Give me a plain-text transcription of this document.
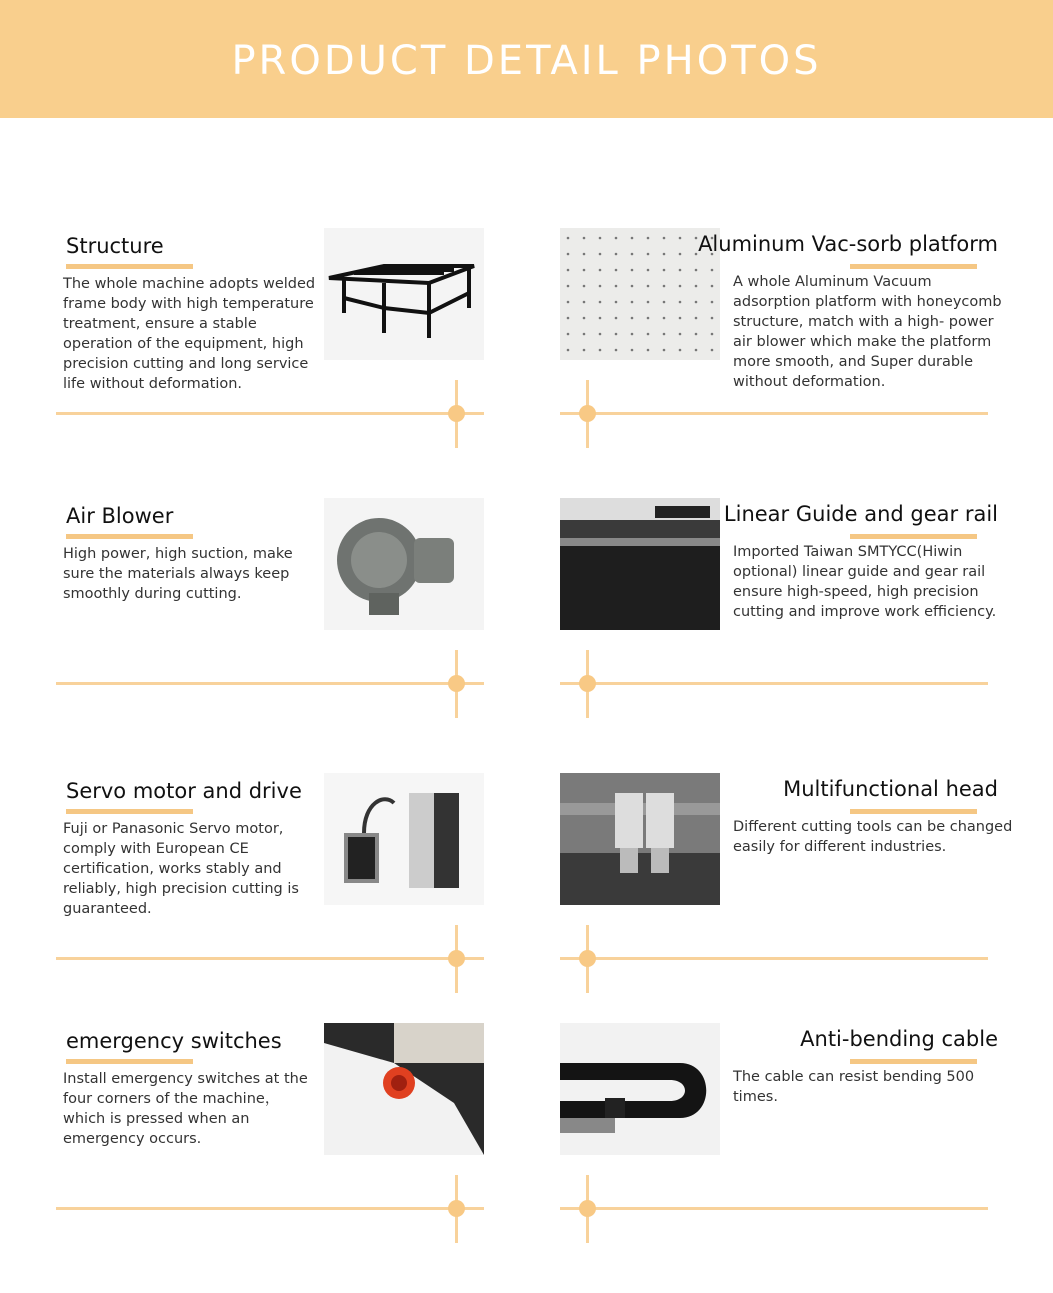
PRODUCT DETAIL PHOTOS
Structure
The whole machine adopts welded
frame body with high temperature
treatment, ensure a stable
operation of the equipment, high
precision cutting and long service
life without deformation.
Aluminum Vac-sorb platform
A whole Aluminum Vacuum
adsorption platform with honeycomb
structure, match with a high- power
air blower which make the platform
more smooth, and Super durable
without deformation.
Air Blower
High power, high suction, make
sure the materials always keep
smoothly during cutting.
Linear Guide and gear rail
Imported Taiwan SMTYCC(Hiwin
optional) linear guide and gear rail
ensure high-speed, high precision
cutting and improve work efficiency.
Servo motor and drive
Fuji or Panasonic Servo motor,
comply with European CE
certification, works stably and
reliably, high precision cutting is
guaranteed.
Multifunctional head
Different cutting tools can be changed
easily for different industries.
emergency switches
Install emergency switches at the
four corners of the machine，
which is pressed when an
emergency occurs.
Anti-bending cable
The cable can resist bending 500
times.
